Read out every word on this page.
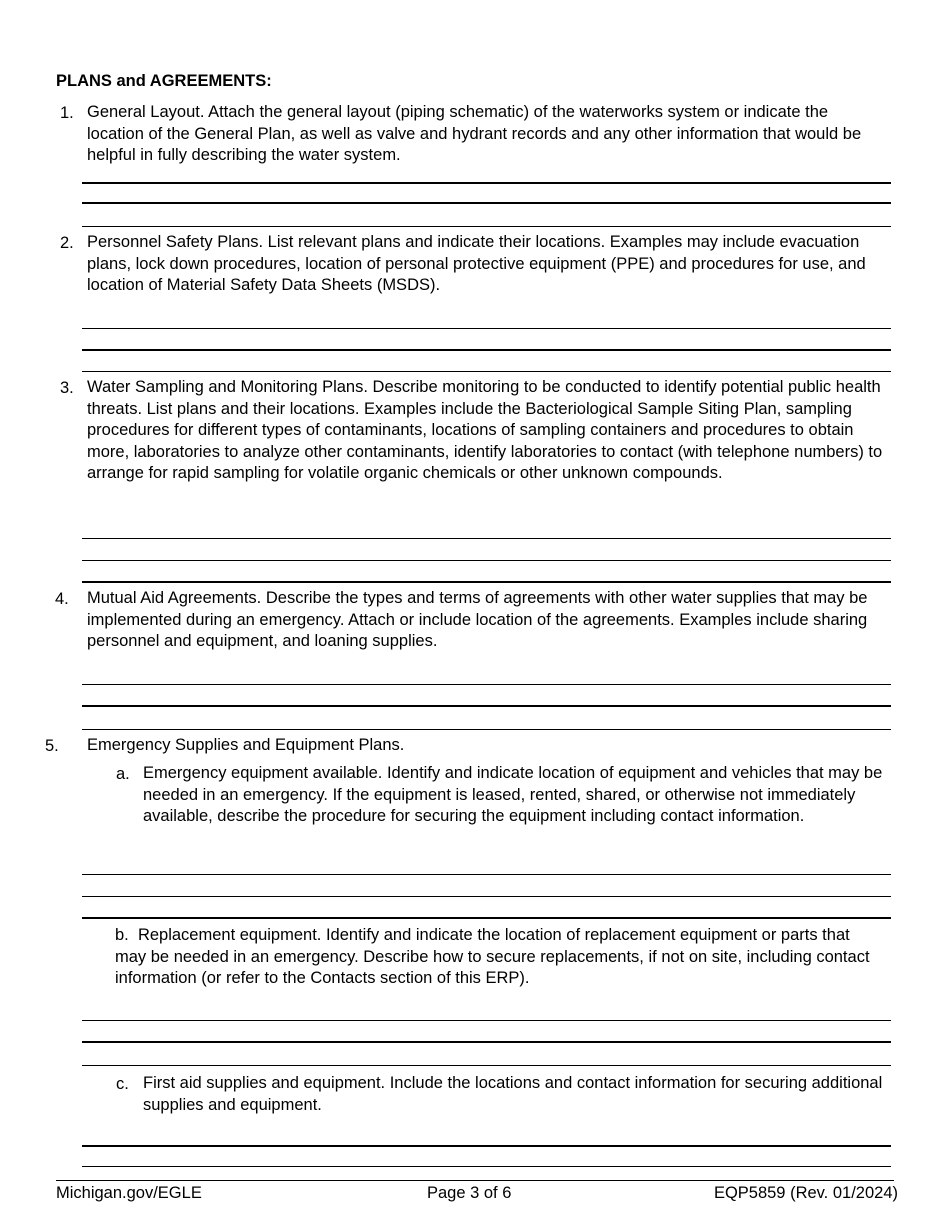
PLANS and AGREEMENTS:
1. General Layout. Attach the general layout (piping schematic) of the waterworks system or indicate the location of the General Plan, as well as valve and hydrant records and any other information that would be helpful in fully describing the water system.
2. Personnel Safety Plans. List relevant plans and indicate their locations. Examples may include evacuation plans, lock down procedures, location of personal protective equipment (PPE) and procedures for use, and location of Material Safety Data Sheets (MSDS).
3. Water Sampling and Monitoring Plans. Describe monitoring to be conducted to identify potential public health threats. List plans and their locations. Examples include the Bacteriological Sample Siting Plan, sampling procedures for different types of contaminants, locations of sampling containers and procedures to obtain more, laboratories to analyze other contaminants, identify laboratories to contact (with telephone numbers) to arrange for rapid sampling for volatile organic chemicals or other unknown compounds.
4. Mutual Aid Agreements. Describe the types and terms of agreements with other water supplies that may be implemented during an emergency. Attach or include location of the agreements. Examples include sharing personnel and equipment, and loaning supplies.
5. Emergency Supplies and Equipment Plans.
a. Emergency equipment available. Identify and indicate location of equipment and vehicles that may be needed in an emergency. If the equipment is leased, rented, shared, or otherwise not immediately available, describe the procedure for securing the equipment including contact information.
b. Replacement equipment. Identify and indicate the location of replacement equipment or parts that may be needed in an emergency. Describe how to secure replacements, if not on site, including contact information (or refer to the Contacts section of this ERP).
c. First aid supplies and equipment. Include the locations and contact information for securing additional supplies and equipment.
Michigan.gov/EGLE	Page 3 of 6	EQP5859 (Rev. 01/2024)
